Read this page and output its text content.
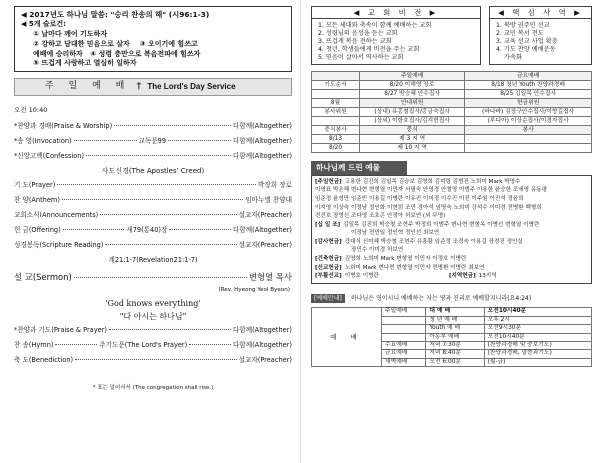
◀ 2017년도 하나님 말씀: "승리 찬송의 해" (시96:1-3)
◀ 5개 슬로건:
① 날마다 깨어 기도하자
② 강하고 담대한 믿음으로 살자 ③ 오이기에 힘쓰고
예배에 승리하자 ④ 성령 충만으로 복음전파에 힘쓰자
⑤ 뜨겁게 사랑하고 열심히 일하자
주 일 예 배 † The Lord's Day Service
오전 10:40
*찬양과 경배(Praise & Worship)	다함께(Altogether)
*송 영(Invocation)	교독문99	다함께(Altogether)
*신앙고백(Confession)	다함께(Altogether)
사도신경(The Apostles' Creed)
기 도(Prayer)	박장희 장로
찬 양(Anthem)	임마누엘 찬양대
교회소식(Announcements)	설교자(Preacher)
헌 금(Offering)	새79(통40)장	다함께(Altogether)
성경봉독(Scripture Reading)	설교자(Preacher)
계21:1-7(Revelation21:1-7)
설 교(Sermon)	변형열 목사
(Rev. Hyeong Yeol Byeon)
'God knows everything'
"다 아시는 하나님"
*찬양과 기도(Praise & Prayer)	다함께(Altogether)
찬 송(Hymn)	주기도문(The Lord's Prayer)	다함께(Altogether)
축 도(Benediction)	설교자(Preacher)
* 표는 일어서서 (The congregation shall rise.)
◀ 교 회 비 전 ▶
1. 모든 세대와 축속이 함께 예배하는 교회
2. 성령님의 음성을 듣는 교회
3. 뜨겁게 복음 전하는 교회
4. 청년, 학생들에게 비전을 주는 교회
5. 믿음이 살아서 역사하는 교회
◀ 핵 심 사 역 ▶
1. 북방 권주민 선교
2. 교민 복서 전도
3. 교육 선교 사업 확충
4. 기도 찬양 예배운동
가속화
	주일예배	금요예배
기도순서	8/20 이해영 장로	8/18 청년 Youth 찬양과경배
	8/27 박승혜 안수집사	8/25 김일목 안수집사
8월	안내위원	헌금위원
봉사위원	(상내) 유홍철집사/홍금숙집사	(바나바) 김장구안수집사/이향길집사
	(상외) 이항호집사/김지현집사	(루디아) 이상순집사/이경자집사
중식봉사	중식	봉사
8/13	제 3 지 역	
8/20	제 10 지 역	
하나님께 드린 예물
[주일헌금] 고용한 김진희 김일목 김승보 김영희 김미령 김범진 노희미 Mark 박영수
이영표 박은혜 변나현 변형열 이민자 서필숙 안영경 안철영 이범주 이용한 윤승한 조세영 유동평
임준정 윤성만 임준빈 이용길 이병란 이유진 이미경 이수진 이진 이주원 이진석 정윤희
이지영 이상숙 이정남 정인화 이현희 조민 경아석 임명숙 노희미 강석수 이미경 전병환 백형희
전진호 장영신 조다영 조호곤 안경아 허보연 (외 무명)
[십 일 조] 김일목 김진희 박승철 조현주 박정희 이범주 변나현 변형옥 이병선 변형열 이병란
이정남 전민일 정인혁 정인선 최보연
[감사헌금] 강대식 신미혜 박승철 조현주 유흥황 임준정 조정숙 이용길 장경진 정인실
장민수 이미경 허보연
[건축헌금] 김영희 노희미 Mark 변형열 이민자 이정호 이병란
[선교헌금] 노희미 Mark 변나현 변형열 이민자 전병환 이병란 최보연
[부활선교] 이병호 이병란	[지역헌금] 13지역
[예배안내]	하나님은 영이시니 예배하는 자는 영과 진리로 예배할지니라(요4:24)
예 배	주일예배	대 예 배	오전10시40분
		청 년 예 배	오후 2시
		Youth 예 배	오전9시30분
		아동부 예배	오전10시40분
	수요예배	저녁 7:30분	(찬양과경배 및 중보기도)
	금요예배	저녁 8:40분	(찬양과경배, 말씀과기도)
	새벽예배	오전 6:00분	(월-금)
